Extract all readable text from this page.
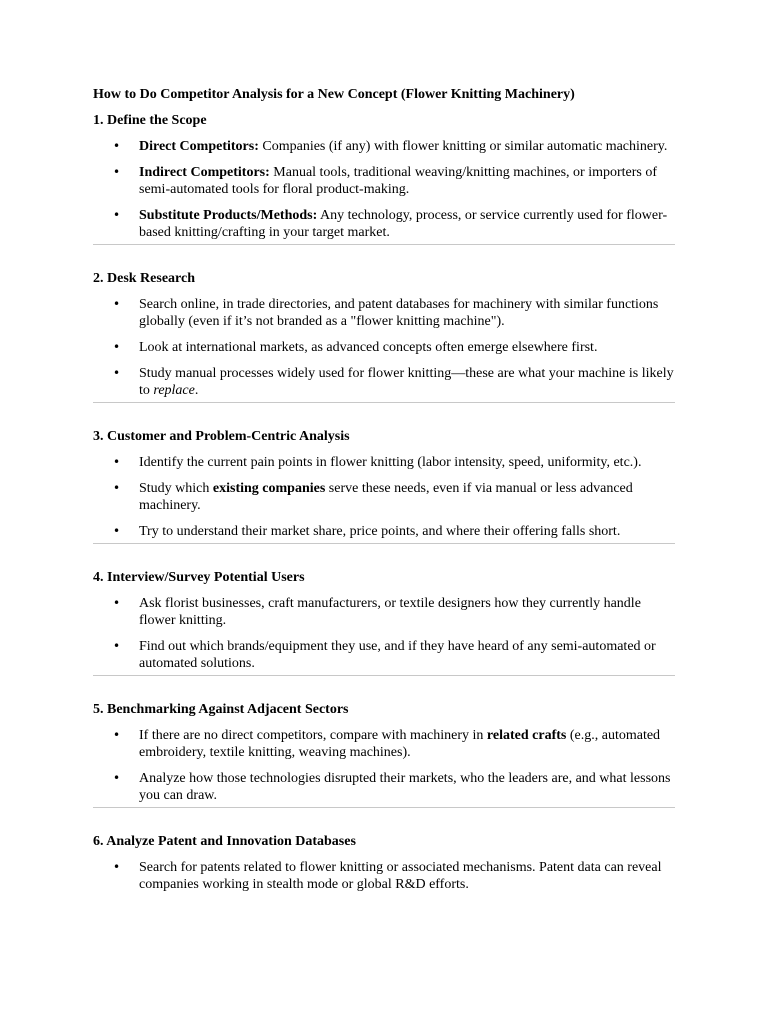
How to Do Competitor Analysis for a New Concept (Flower Knitting Machinery)
1. Define the Scope
• Direct Competitors: Companies (if any) with flower knitting or similar automatic machinery.
• Indirect Competitors: Manual tools, traditional weaving/knitting machines, or importers of semi-automated tools for floral product-making.
• Substitute Products/Methods: Any technology, process, or service currently used for flower-based knitting/crafting in your target market.
2. Desk Research
• Search online, in trade directories, and patent databases for machinery with similar functions globally (even if it’s not branded as a "flower knitting machine").
• Look at international markets, as advanced concepts often emerge elsewhere first.
• Study manual processes widely used for flower knitting—these are what your machine is likely to replace.
3. Customer and Problem-Centric Analysis
• Identify the current pain points in flower knitting (labor intensity, speed, uniformity, etc.).
• Study which existing companies serve these needs, even if via manual or less advanced machinery.
• Try to understand their market share, price points, and where their offering falls short.
4. Interview/Survey Potential Users
• Ask florist businesses, craft manufacturers, or textile designers how they currently handle flower knitting.
• Find out which brands/equipment they use, and if they have heard of any semi-automated or automated solutions.
5. Benchmarking Against Adjacent Sectors
• If there are no direct competitors, compare with machinery in related crafts (e.g., automated embroidery, textile knitting, weaving machines).
• Analyze how those technologies disrupted their markets, who the leaders are, and what lessons you can draw.
6. Analyze Patent and Innovation Databases
• Search for patents related to flower knitting or associated mechanisms. Patent data can reveal companies working in stealth mode or global R&D efforts.
